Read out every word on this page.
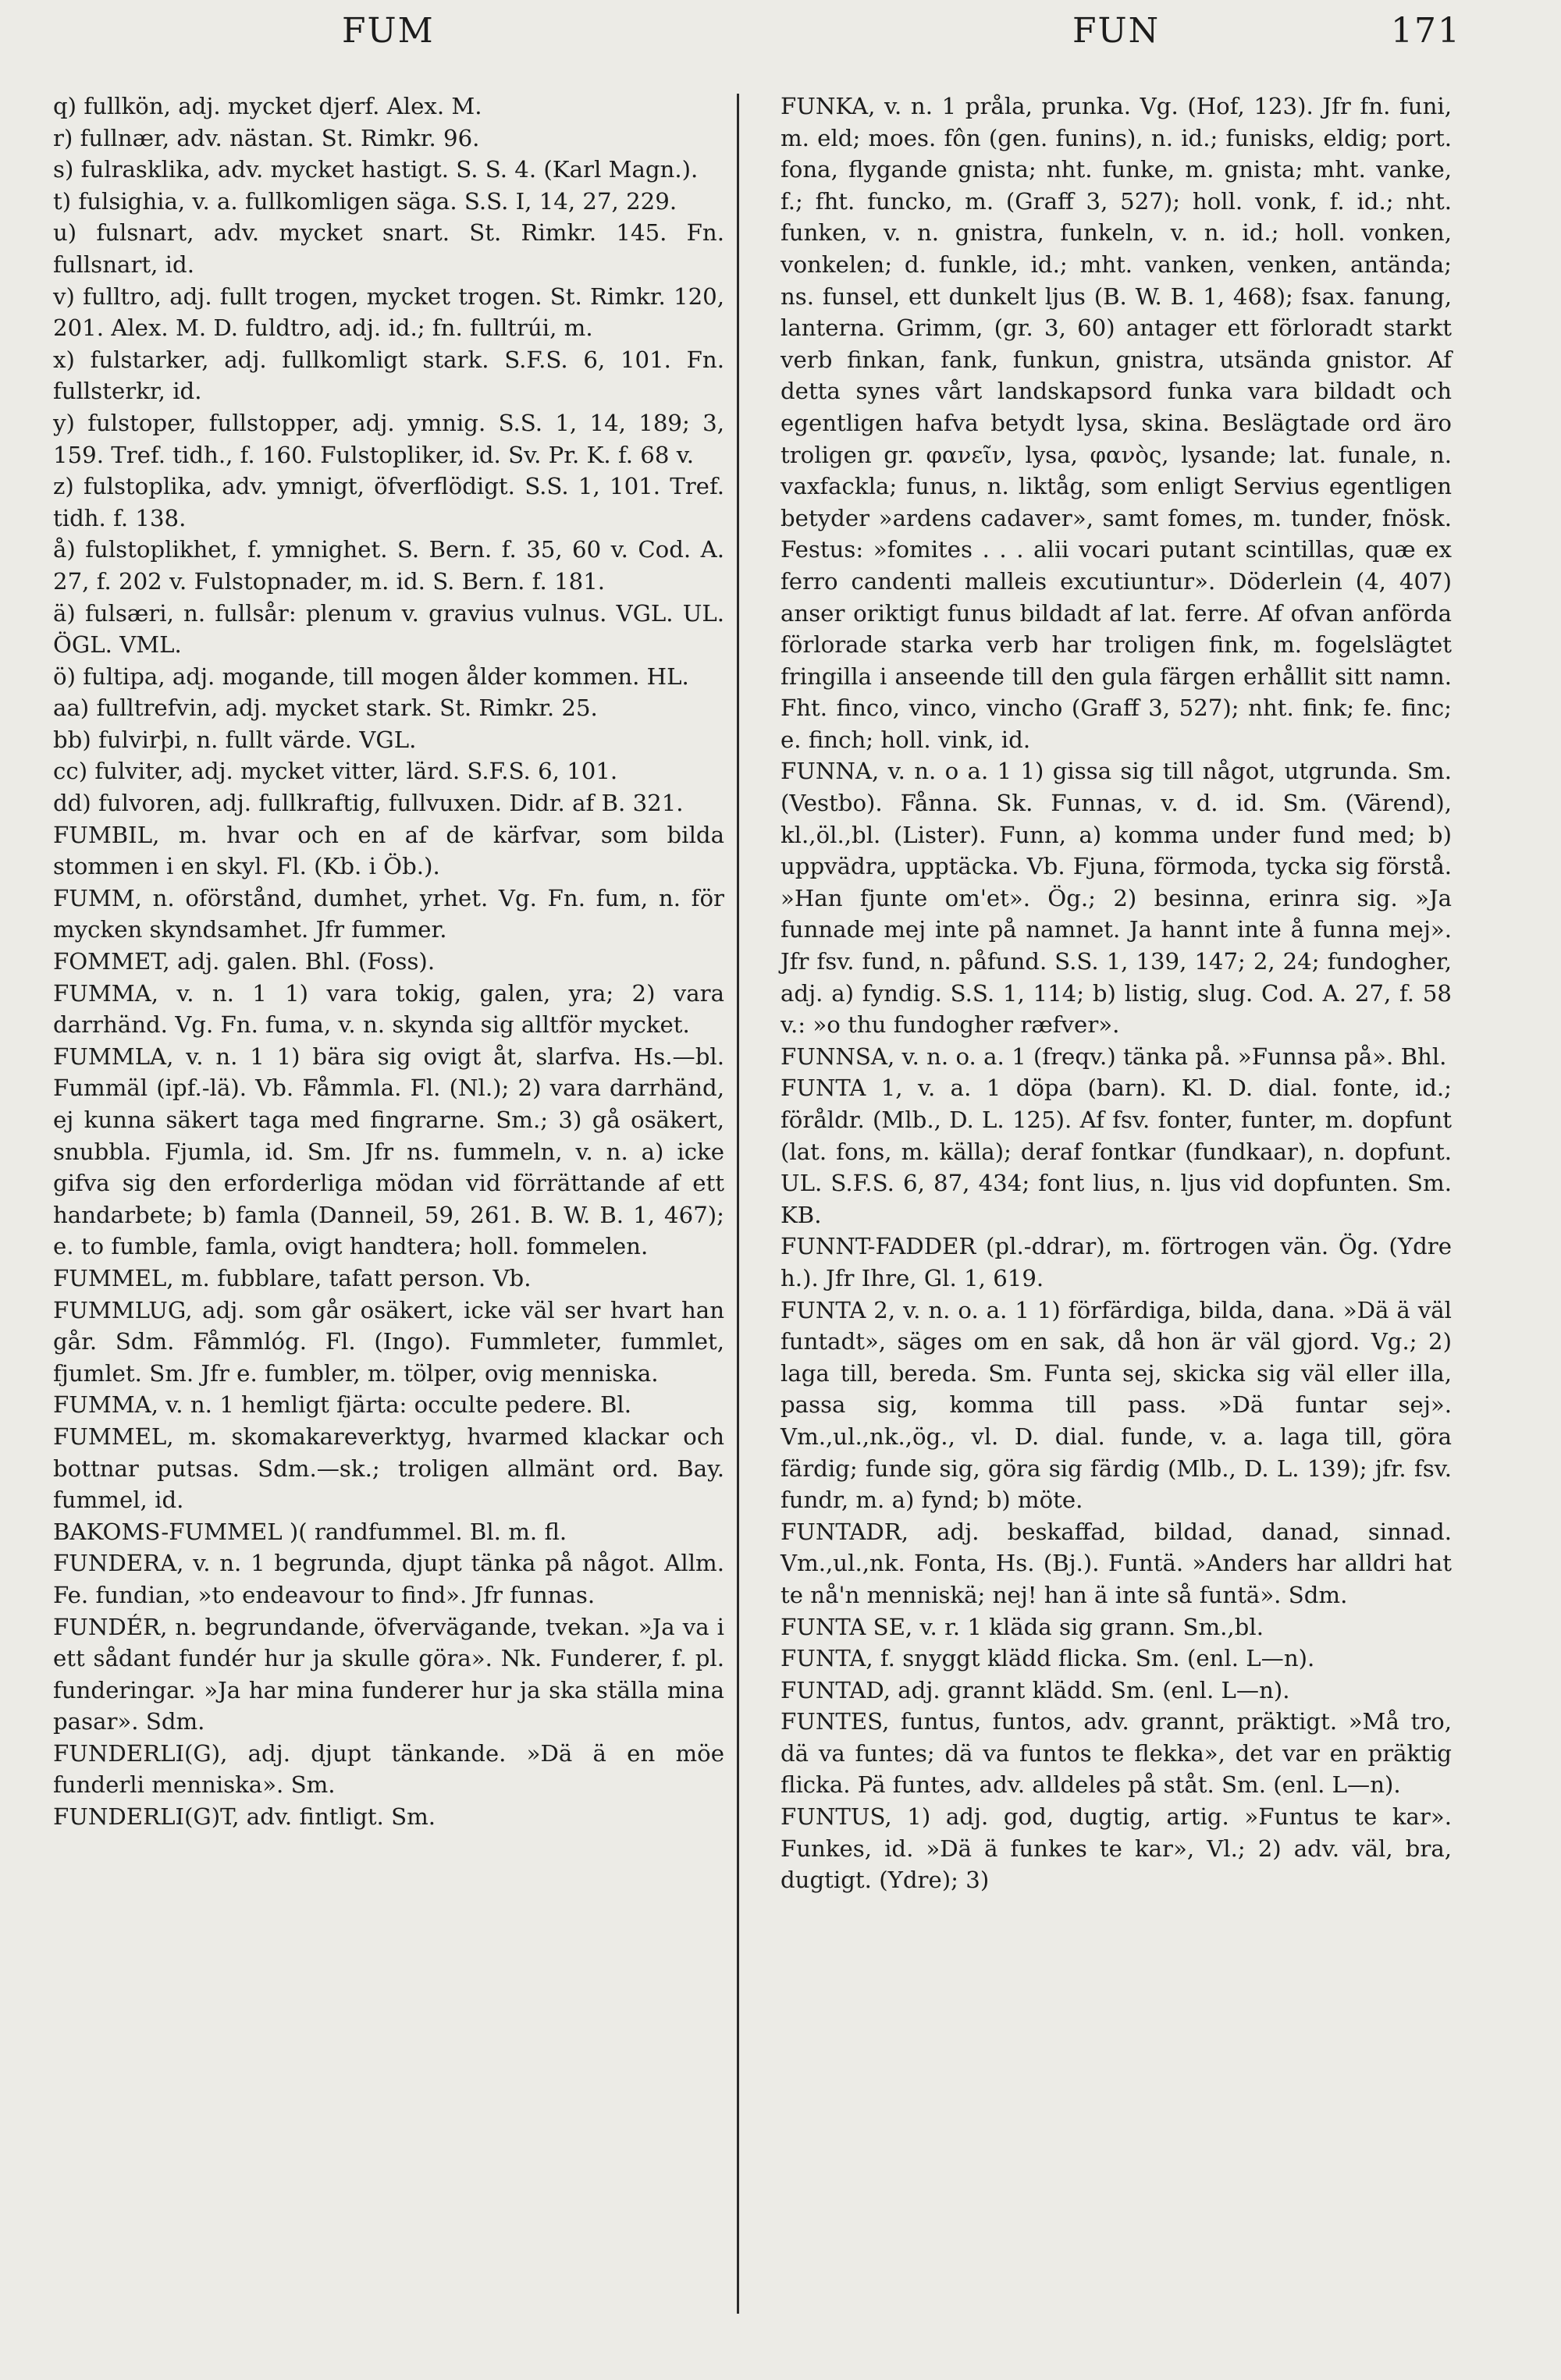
FUM	FUN	171

q) fullkön, adj. mycket djerf. Alex. M.

r) fullnær, adv. nästan. St. Rimkr. 96.

s) fulrasklika, adv. mycket hastigt. S. S. 4. (Karl Magn.).

t) fulsighia, v. a. fullkomligen säga. S.S. I, 14, 27, 229.

u) fulsnart, adv. mycket snart. St. Rimkr. 145. Fn. fullsnart, id.

v) fulltro, adj. fullt trogen, mycket trogen. St. Rimkr. 120, 201. Alex. M. D. fuldtro, adj. id.; fn. fulltrúi, m.

x) fulstarker, adj. fullkomligt stark. S.F.S. 6, 101. Fn. fullsterkr, id.

y) fulstoper, fullstopper, adj. ymnig. S.S. 1, 14, 189; 3, 159. Tref. tidh., f. 160. Fulstopliker, id. Sv. Pr. K. f. 68 v.

z) fulstoplika, adv. ymnigt, öfverflödigt. S.S. 1, 101. Tref. tidh. f. 138.

å) fulstoplikhet, f. ymnighet. S. Bern. f. 35, 60 v. Cod. A. 27, f. 202 v. Fulstopnader, m. id. S. Bern. f. 181.

ä) fulsæri, n. fullsår: plenum v. gravius vulnus. VGL. UL. ÖGL. VML.

ö) fultipa, adj. mogande, till mogen ålder kommen. HL.

aa) fulltrefvin, adj. mycket stark. St. Rimkr. 25.

bb) fulvirþi, n. fullt värde. VGL.

cc) fulviter, adj. mycket vitter, lärd. S.F.S. 6, 101.

dd) fulvoren, adj. fullkraftig, fullvuxen. Didr. af B. 321.

FUMBIL, m. hvar och en af de kärfvar, som bilda stommen i en skyl. Fl. (Kb. i Öb.).

FUMM, n. oförstånd, dumhet, yrhet. Vg. Fn. fum, n. för mycken skyndsamhet. Jfr fummer.

FOMMET, adj. galen. Bhl. (Foss).

FUMMA, v. n. 1 1) vara tokig, galen, yra; 2) vara darrhänd. Vg. Fn. fuma, v. n. skynda sig alltför mycket.

FUMMLA, v. n. 1 1) bära sig ovigt åt, slarfva. Hs.—bl. Fummäl (ipf.-lä). Vb. Fåmmla. Fl. (Nl.); 2) vara darrhänd, ej kunna säkert taga med fingrarne. Sm.; 3) gå osäkert, snubbla. Fjumla, id. Sm. Jfr ns. fummeln, v. n. a) icke gifva sig den erforderliga mödan vid förrättande af ett handarbete; b) famla (Danneil, 59, 261. B. W. B. 1, 467); e. to fumble, famla, ovigt handtera; holl. fommelen.

FUMMEL, m. fubblare, tafatt person. Vb.

FUMMLUG, adj. som går osäkert, icke väl ser hvart han går. Sdm. Fåmmlóg. Fl. (Ingo). Fummleter, fummlet, fjumlet. Sm. Jfr e. fumbler, m. tölper, ovig menniska.

FUMMA, v. n. 1 hemligt fjärta: occulte pedere. Bl.

FUMMEL, m. skomakareverktyg, hvarmed klackar och bottnar putsas. Sdm.—sk.; troligen allmänt ord. Bay. fummel, id.

BAKOMS-FUMMEL )( randfummel. Bl. m. fl.

FUNDERA, v. n. 1 begrunda, djupt tänka på något. Allm. Fe. fundian, »to endeavour to find». Jfr funnas.

FUNDÉR, n. begrundande, öfvervägande, tvekan. »Ja va i ett sådant fundér hur ja skulle göra». Nk. Funderer, f. pl. funderingar. »Ja har mina funderer hur ja ska ställa mina pasar». Sdm.

FUNDERLI(G), adj. djupt tänkande. »Dä ä en möe funderli menniska». Sm.

FUNDERLI(G)T, adv. fintligt. Sm.

FUNKA, v. n. 1 pråla, prunka. Vg. (Hof, 123). Jfr fn. funi, m. eld; moes. fôn (gen. funins), n. id.; funisks, eldig; port. fona, flygande gnista; nht. funke, m. gnista; mht. vanke, f.; fht. funcko, m. (Graff 3, 527); holl. vonk, f. id.; nht. funken, v. n. gnistra, funkeln, v. n. id.; holl. vonken, vonkelen; d. funkle, id.; mht. vanken, venken, antända; ns. funsel, ett dunkelt ljus (B. W. B. 1, 468); fsax. fanung, lanterna. Grimm, (gr. 3, 60) antager ett förloradt starkt verb finkan, fank, funkun, gnistra, utsända gnistor. Af detta synes vårt landskapsord funka vara bildadt och egentligen hafva betydt lysa, skina. Beslägtade ord äro troligen gr. φανεῖν, lysa, φανὸς, lysande; lat. funale, n. vaxfackla; funus, n. liktåg, som enligt Servius egentligen betyder »ardens cadaver», samt fomes, m. tunder, fnösk. Festus: »fomites . . . alii vocari putant scintillas, quæ ex ferro candenti malleis excutiuntur». Döderlein (4, 407) anser oriktigt funus bildadt af lat. ferre. Af ofvan anförda förlorade starka verb har troligen fink, m. fogelslägtet fringilla i anseende till den gula färgen erhållit sitt namn. Fht. finco, vinco, vincho (Graff 3, 527); nht. fink; fe. finc; e. finch; holl. vink, id.

FUNNA, v. n. o a. 1 1) gissa sig till något, utgrunda. Sm. (Vestbo). Fånna. Sk. Funnas, v. d. id. Sm. (Värend), kl.,öl.,bl. (Lister). Funn, a) komma under fund med; b) uppvädra, upptäcka. Vb. Fjuna, förmoda, tycka sig förstå. »Han fjunte om'et». Ög.; 2) besinna, erinra sig. »Ja funnade mej inte på namnet. Ja hannt inte å funna mej». Jfr fsv. fund, n. påfund. S.S. 1, 139, 147; 2, 24; fundogher, adj. a) fyndig. S.S. 1, 114; b) listig, slug. Cod. A. 27, f. 58 v.: »o thu fundogher ræfver».

FUNNSA, v. n. o. a. 1 (freqv.) tänka på. »Funnsa på». Bhl.

FUNTA 1, v. a. 1 döpa (barn). Kl. D. dial. fonte, id.; föråldr. (Mlb., D. L. 125). Af fsv. fonter, funter, m. dopfunt (lat. fons, m. källa); deraf fontkar (fundkaar), n. dopfunt. UL. S.F.S. 6, 87, 434; font lius, n. ljus vid dopfunten. Sm. KB.

FUNNT-FADDER (pl.-ddrar), m. förtrogen vän. Ög. (Ydre h.). Jfr Ihre, Gl. 1, 619.

FUNTA 2, v. n. o. a. 1 1) förfärdiga, bilda, dana. »Dä ä väl funtadt», säges om en sak, då hon är väl gjord. Vg.; 2) laga till, bereda. Sm. Funta sej, skicka sig väl eller illa, passa sig, komma till pass. »Dä funtar sej». Vm.,ul.,nk.,ög., vl. D. dial. funde, v. a. laga till, göra färdig; funde sig, göra sig färdig (Mlb., D. L. 139); jfr. fsv. fundr, m. a) fynd; b) möte.

FUNTADR, adj. beskaffad, bildad, danad, sinnad. Vm.,ul.,nk. Fonta, Hs. (Bj.). Funtä. »Anders har alldri hat te nå'n menniskä; nej! han ä inte så funtä». Sdm.

FUNTA SE, v. r. 1 kläda sig grann. Sm.,bl.

FUNTA, f. snyggt klädd flicka. Sm. (enl. L—n).

FUNTAD, adj. grannt klädd. Sm. (enl. L—n).

FUNTES, funtus, funtos, adv. grannt, präktigt. »Må tro, dä va funtes; dä va funtos te flekka», det var en präktig flicka. Pä funtes, adv. alldeles på ståt. Sm. (enl. L—n).

FUNTUS, 1) adj. god, dugtig, artig. »Funtus te kar». Funkes, id. »Dä ä funkes te kar», Vl.; 2) adv. väl, bra, dugtigt. (Ydre); 3)
